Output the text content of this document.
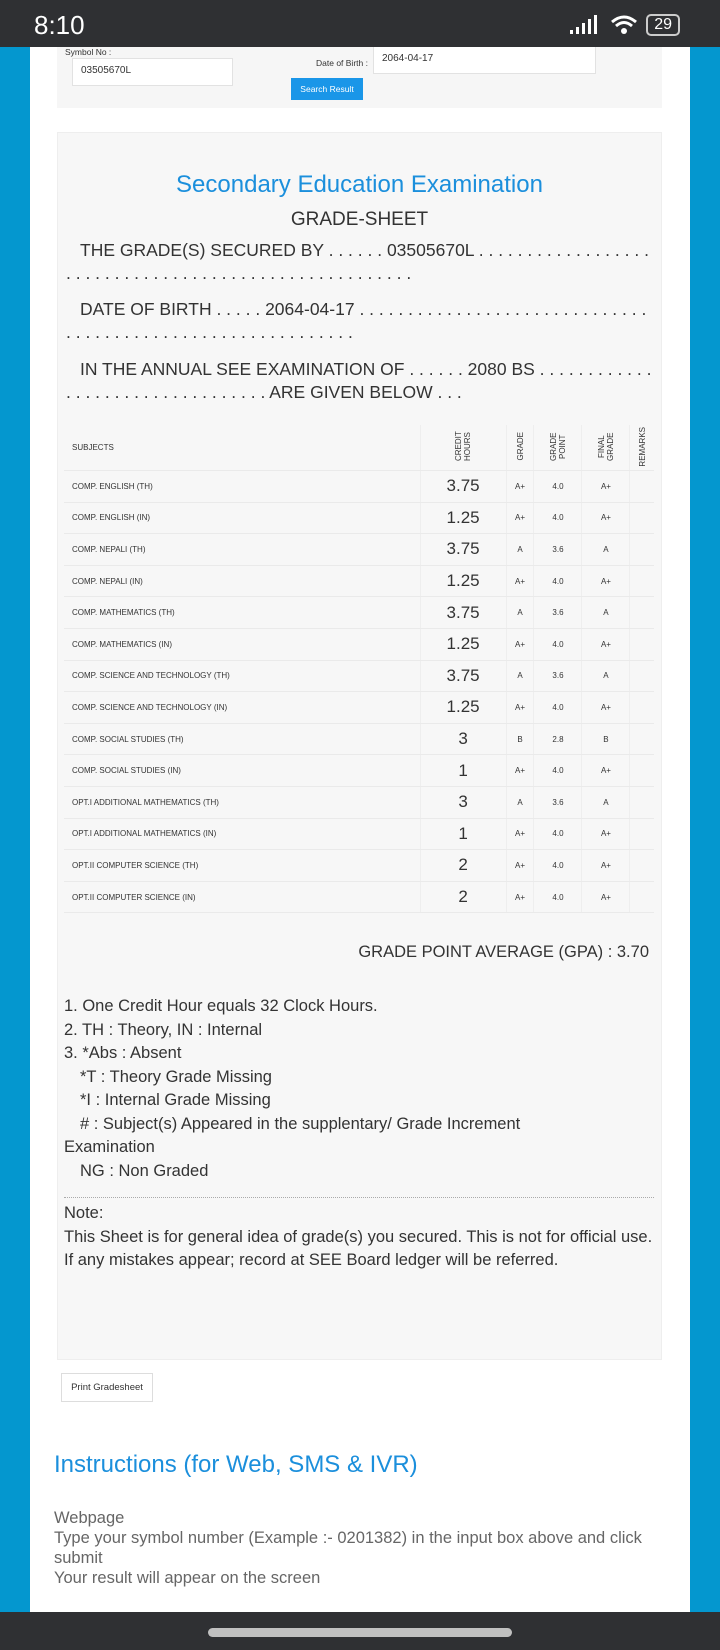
8:10	29
Symbol No :
03505670L
Date of Birth :	2064-04-17
Search Result
Secondary Education Examination
GRADE-SHEET
THE GRADE(S) SECURED BY . . . . . . 03505670L . . . . . . . . . . . . . . . . . . . . . . . . . . . . . . . . . . . . . . . . . . . . . . . . . . . . . .
DATE OF BIRTH . . . . . 2064-04-17 . . . . . . . . . . . . . . . . . . . . . . . . . . . . . . . . . . . . . . . . . . . . . . . . . . . . . . . . . . . .
IN THE ANNUAL SEE EXAMINATION OF . . . . . . 2080 BS . . . . . . . . . . . . . . . . . . . . . . . . . . . . . . . . . ARE GIVEN BELOW . . .
SUBJECTS	CREDIT HOURS	GRADE	GRADE POINT	FINAL GRADE	REMARKS
COMP. ENGLISH (TH)	3.75	A+	4.0	A+	
COMP. ENGLISH (IN)	1.25	A+	4.0	A+	
COMP. NEPALI (TH)	3.75	A	3.6	A	
COMP. NEPALI (IN)	1.25	A+	4.0	A+	
COMP. MATHEMATICS (TH)	3.75	A	3.6	A	
COMP. MATHEMATICS (IN)	1.25	A+	4.0	A+	
COMP. SCIENCE AND TECHNOLOGY (TH)	3.75	A	3.6	A	
COMP. SCIENCE AND TECHNOLOGY (IN)	1.25	A+	4.0	A+	
COMP. SOCIAL STUDIES (TH)	3	B	2.8	B	
COMP. SOCIAL STUDIES (IN)	1	A+	4.0	A+	
OPT.I ADDITIONAL MATHEMATICS (TH)	3	A	3.6	A	
OPT.I ADDITIONAL MATHEMATICS (IN)	1	A+	4.0	A+	
OPT.II COMPUTER SCIENCE (TH)	2	A+	4.0	A+	
OPT.II COMPUTER SCIENCE (IN)	2	A+	4.0	A+	
GRADE POINT AVERAGE (GPA) : 3.70
1. One Credit Hour equals 32 Clock Hours.
2. TH : Theory, IN : Internal
3. *Abs : Absent
*T : Theory Grade Missing
*I : Internal Grade Missing
# : Subject(s) Appeared in the supplentary/ Grade Increment
Examination
NG : Non Graded
Note:
This Sheet is for general idea of grade(s) you secured. This is not for official use. If any mistakes appear; record at SEE Board ledger will be referred.
Print Gradesheet
Instructions (for Web, SMS & IVR)
Webpage
Type your symbol number (Example :- 0201382) in the input box above and click submit
Your result will appear on the screen
